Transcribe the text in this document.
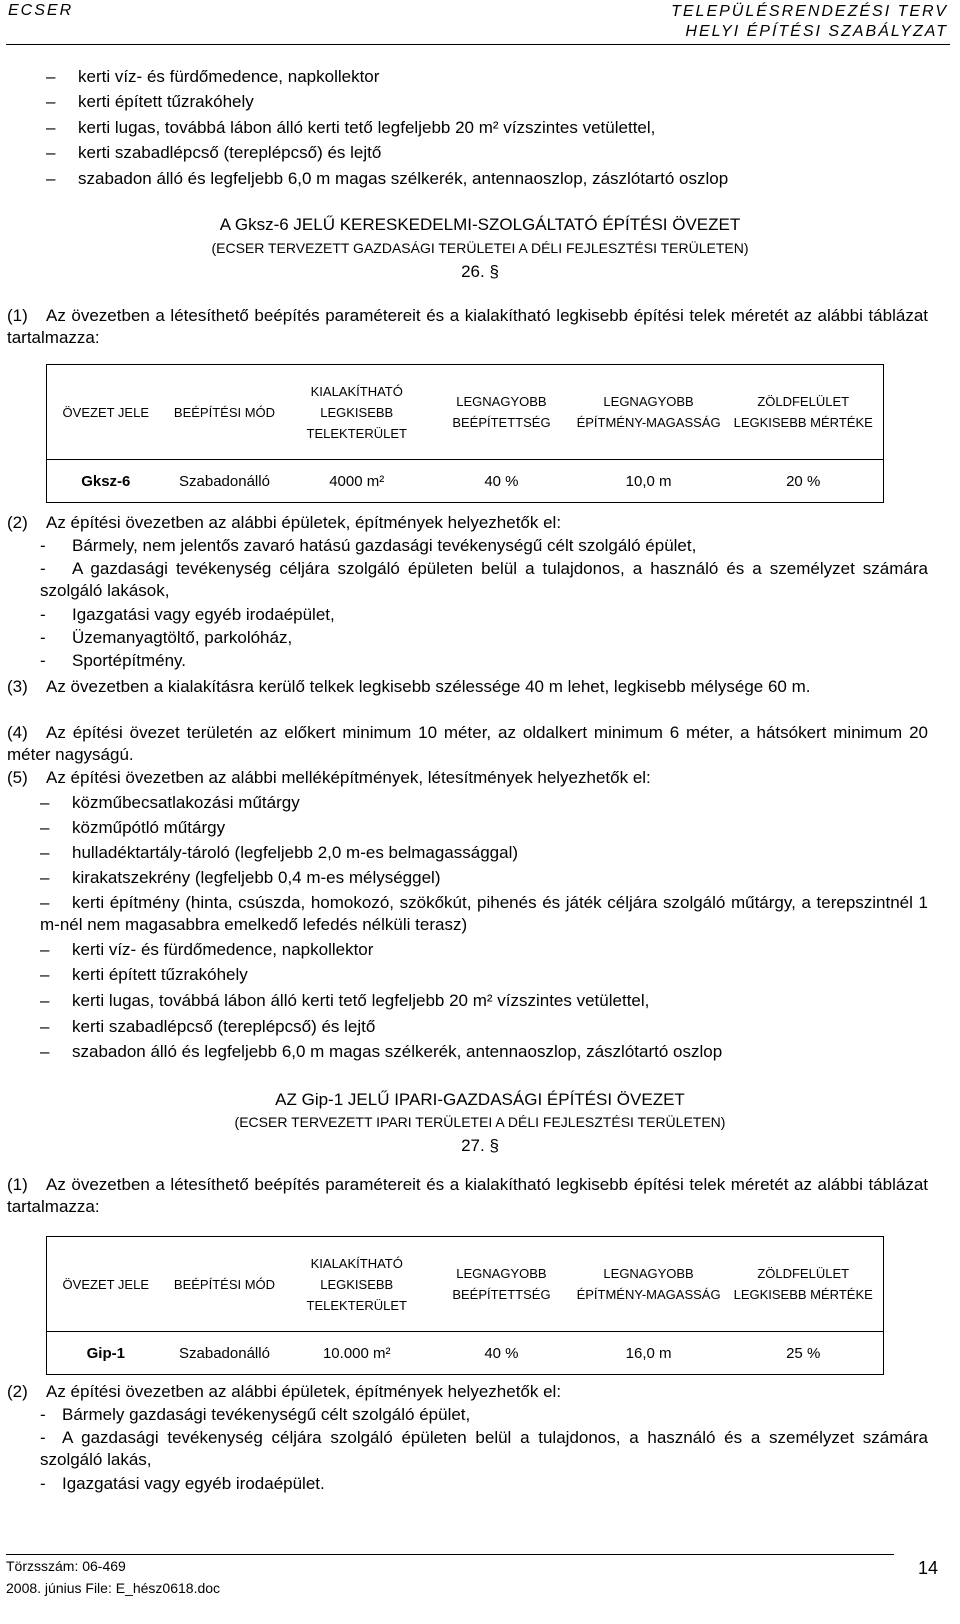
ECSER	TELEPÜLÉSRENDEZÉSI TERV
HELYI ÉPÍTÉSI SZABÁLYZAT
– kerti víz- és fürdőmedence, napkollektor
– kerti épített tűzrakóhely
– kerti lugas, továbbá lábon álló kerti tető legfeljebb 20 m² vízszintes vetülettel,
– kerti szabadlépcső (tereplépcső) és lejtő
– szabadon álló és legfeljebb 6,0 m magas szélkerék, antennaoszlop, zászlótartó oszlop
A Gksz-6 JELŰ KERESKEDELMI-SZOLGÁLTATÓ ÉPÍTÉSI ÖVEZET
(ECSER TERVEZETT GAZDASÁGI TERÜLETEI A DÉLI FEJLESZTÉSI TERÜLETEN)
26. §
(1) Az övezetben a létesíthető beépítés paramétereit és a kialakítható legkisebb építési telek méretét az alábbi táblázat tartalmazza:
ÖVEZET JELE	BEÉPÍTÉSI MÓD	KIALAKÍTHATÓ LEGKISEBB TELEKTERÜLET	LEGNAGYOBB BEÉPÍTETTSÉG	LEGNAGYOBB ÉPÍTMÉNY-MAGASSÁG	ZÖLDFELÜLET LEGKISEBB MÉRTÉKE
Gksz-6	Szabadonálló	4000 m²	40 %	10,0 m	20 %
(2) Az építési övezetben az alábbi épületek, építmények helyezhetők el:
- Bármely, nem jelentős zavaró hatású gazdasági tevékenységű célt szolgáló épület,
- A gazdasági tevékenység céljára szolgáló épületen belül a tulajdonos, a használó és a személyzet számára szolgáló lakások,
- Igazgatási vagy egyéb irodaépület,
- Üzemanyagtöltő, parkolóház,
- Sportépítmény.
(3) Az övezetben a kialakításra kerülő telkek legkisebb szélessége 40 m lehet, legkisebb mélysége 60 m.
(4) Az építési övezet területén az előkert minimum 10 méter, az oldalkert minimum 6 méter, a hátsókert minimum 20 méter nagyságú.
(5) Az építési övezetben az alábbi melléképítmények, létesítmények helyezhetők el:
– közműbecsatlakozási műtárgy
– közműpótló műtárgy
– hulladéktartály-tároló (legfeljebb 2,0 m-es belmagassággal)
– kirakatszekrény (legfeljebb 0,4 m-es mélységgel)
– kerti építmény (hinta, csúszda, homokozó, szökőkút, pihenés és játék céljára szolgáló műtárgy, a terepszintnél 1 m-nél nem magasabbra emelkedő lefedés nélküli terasz)
– kerti víz- és fürdőmedence, napkollektor
– kerti épített tűzrakóhely
– kerti lugas, továbbá lábon álló kerti tető legfeljebb 20 m² vízszintes vetülettel,
– kerti szabadlépcső (tereplépcső) és lejtő
– szabadon álló és legfeljebb 6,0 m magas szélkerék, antennaoszlop, zászlótartó oszlop
AZ Gip-1 JELŰ IPARI-GAZDASÁGI ÉPÍTÉSI ÖVEZET
(ECSER TERVEZETT IPARI TERÜLETEI A DÉLI FEJLESZTÉSI TERÜLETEN)
27. §
(1) Az övezetben a létesíthető beépítés paramétereit és a kialakítható legkisebb építési telek méretét az alábbi táblázat tartalmazza:
ÖVEZET JELE	BEÉPÍTÉSI MÓD	KIALAKÍTHATÓ LEGKISEBB TELEKTERÜLET	LEGNAGYOBB BEÉPÍTETTSÉG	LEGNAGYOBB ÉPÍTMÉNY-MAGASSÁG	ZÖLDFELÜLET LEGKISEBB MÉRTÉKE
Gip-1	Szabadonálló	10.000 m²	40 %	16,0 m	25 %
(2) Az építési övezetben az alábbi épületek, építmények helyezhetők el:
- Bármely gazdasági tevékenységű célt szolgáló épület,
- A gazdasági tevékenység céljára szolgáló épületen belül a tulajdonos, a használó és a személyzet számára szolgáló lakás,
- Igazgatási vagy egyéb irodaépület.
Törzsszám: 06-469
2008. június File: E_hész0618.doc
14
